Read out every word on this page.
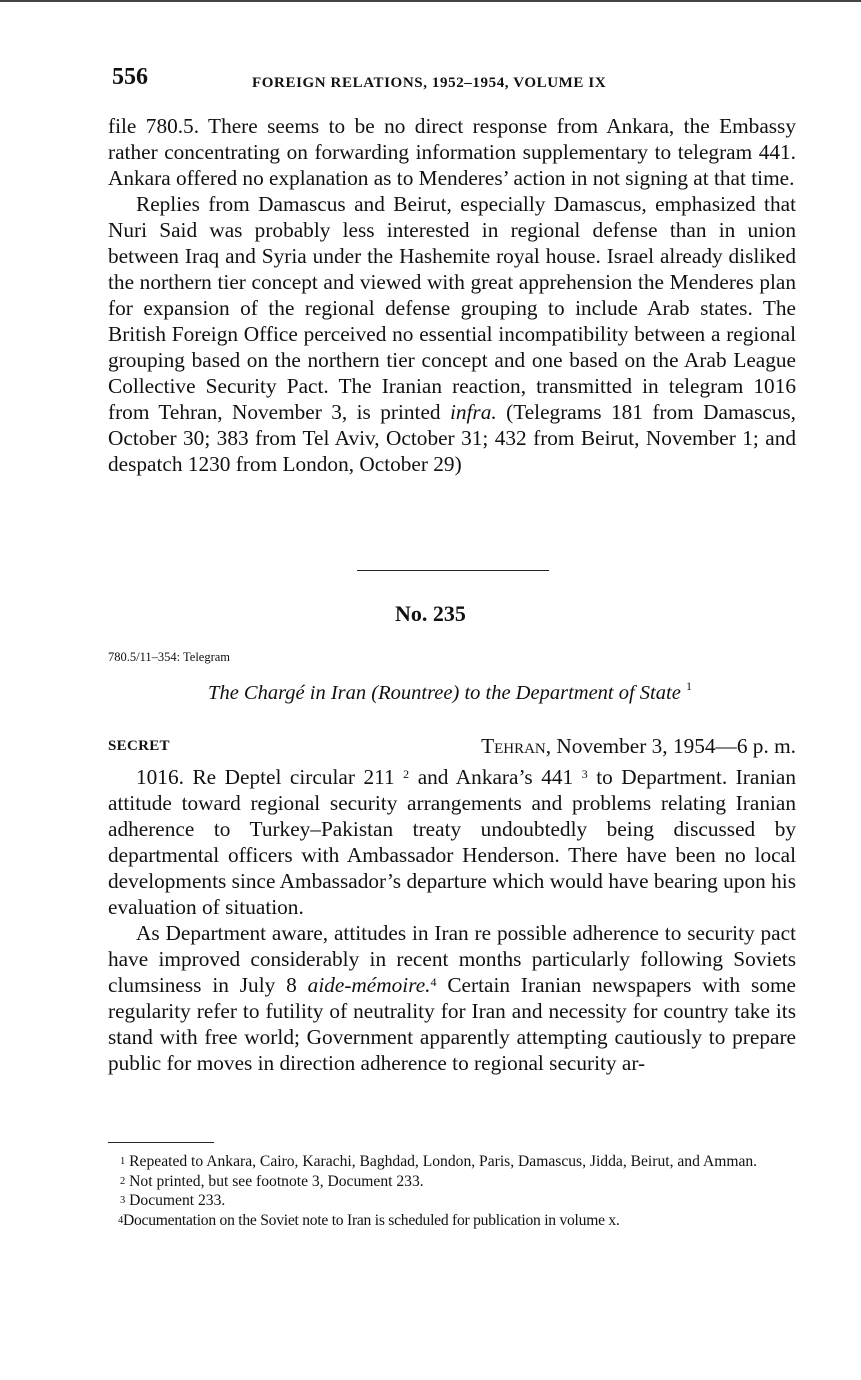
556	FOREIGN RELATIONS, 1952–1954, VOLUME IX

file 780.5. There seems to be no direct response from Ankara, the Embassy rather concentrating on forwarding information supplementary to telegram 441. Ankara offered no explanation as to Menderes’ action in not signing at that time.

Replies from Damascus and Beirut, especially Damascus, emphasized that Nuri Said was probably less interested in regional defense than in union between Iraq and Syria under the Hashemite royal house. Israel already disliked the northern tier concept and viewed with great apprehension the Menderes plan for expansion of the regional defense grouping to include Arab states. The British Foreign Office perceived no essential incompatibility between a regional grouping based on the northern tier concept and one based on the Arab League Collective Security Pact. The Iranian reaction, transmitted in telegram 1016 from Tehran, November 3, is printed infra. (Telegrams 181 from Damascus, October 30; 383 from Tel Aviv, October 31; 432 from Beirut, November 1; and despatch 1230 from London, October 29)

No. 235
780.5/11–354: Telegram
The Chargé in Iran (Rountree) to the Department of State $^1$
SECRET	Tehran, November 3, 1954—6 p. m.

1016. Re Deptel circular 211 $^2$ and Ankara’s 441 $^3$ to Department. Iranian attitude toward regional security arrangements and problems relating Iranian adherence to Turkey–Pakistan treaty undoubtedly being discussed by departmental officers with Ambassador Henderson. There have been no local developments since Ambassador’s departure which would have bearing upon his evaluation of situation.

As Department aware, attitudes in Iran re possible adherence to security pact have improved considerably in recent months particularly following Soviets clumsiness in July 8 aide-mémoire.$^4$ Certain Iranian newspapers with some regularity refer to futility of neutrality for Iran and necessity for country take its stand with free world; Government apparently attempting cautiously to prepare public for moves in direction adherence to regional security ar-

$^1$ Repeated to Ankara, Cairo, Karachi, Baghdad, London, Paris, Damascus, Jidda, Beirut, and Amman.

$^2$ Not printed, but see footnote 3, Document 233.

$^3$ Document 233.

$^4$Documentation on the Soviet note to Iran is scheduled for publication in volume x.
